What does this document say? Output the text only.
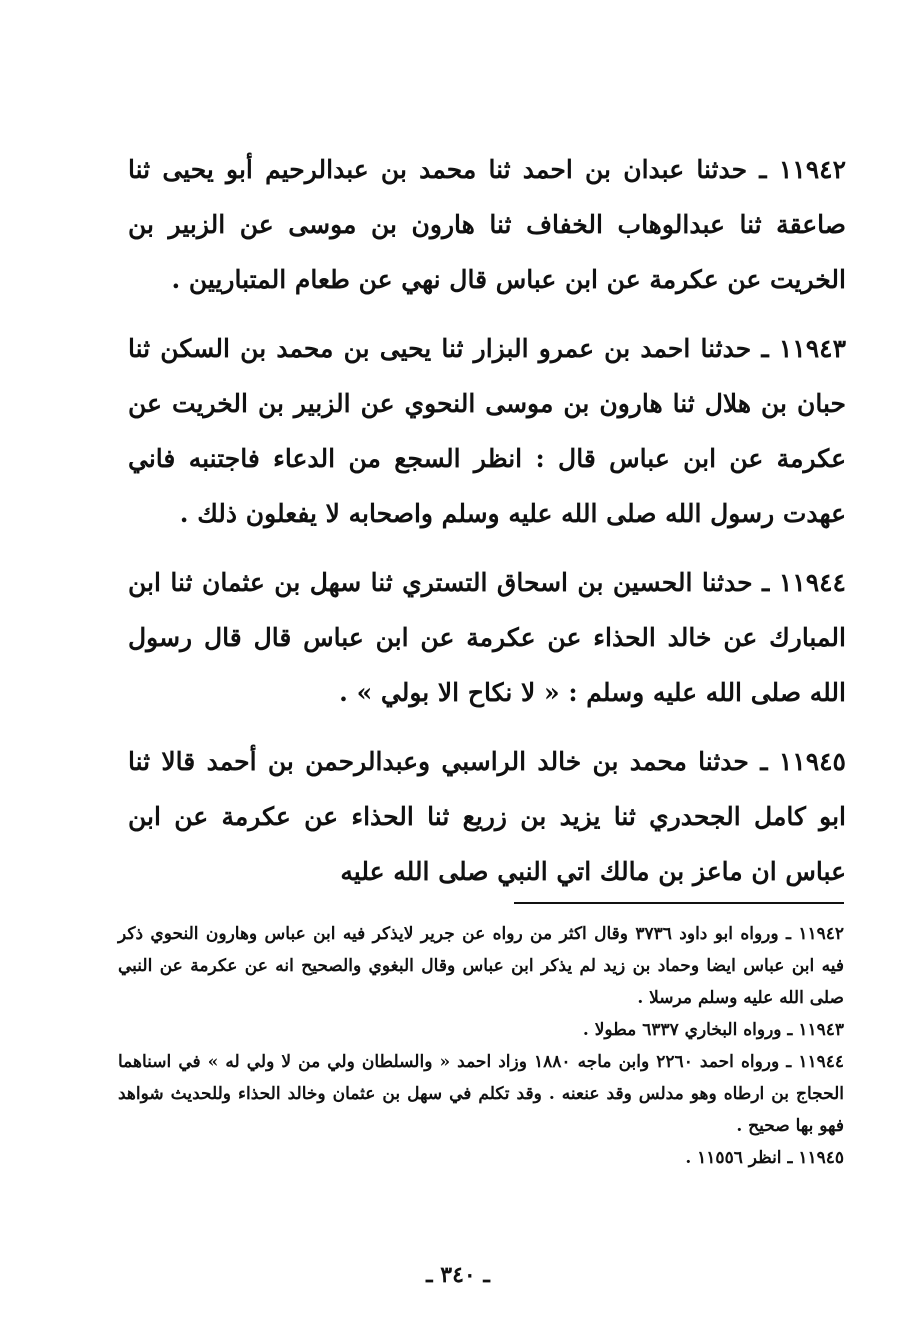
١١٩٤٢ ـ حدثنا عبدان بن احمد ثنا محمد بن عبدالرحيم أبو يحيى ثنا صاعقة ثنا عبدالوهاب الخفاف ثنا هارون بن موسى عن الزبير بن الخريت عن عكرمة عن ابن عباس قال نهي عن طعام المتباريين .

١١٩٤٣ ـ حدثنا احمد بن عمرو البزار ثنا يحيى بن محمد بن السكن ثنا حبان بن هلال ثنا هارون بن موسى النحوي عن الزبير بن الخريت عن عكرمة عن ابن عباس قال : انظر السجع من الدعاء فاجتنبه فاني عهدت رسول الله صلى الله عليه وسلم واصحابه لا يفعلون ذلك .

١١٩٤٤ ـ حدثنا الحسين بن اسحاق التستري ثنا سهل بن عثمان ثنا ابن المبارك عن خالد الحذاء عن عكرمة عن ابن عباس قال قال رسول الله صلى الله عليه وسلم : « لا نكاح الا بولي » .

١١٩٤٥ ـ حدثنا محمد بن خالد الراسبي وعبدالرحمن بن أحمد قالا ثنا ابو كامل الجحدري ثنا يزيد بن زريع ثنا الحذاء عن عكرمة عن ابن عباس ان ماعز بن مالك اتي النبي صلى الله عليه

١١٩٤٢ ـ ورواه ابو داود ٣٧٣٦ وقال اكثر من رواه عن جرير لايذكر فيه ابن عباس وهارون النحوي ذكر فيه ابن عباس ايضا وحماد بن زيد لم يذكر ابن عباس وقال البغوي والصحيح انه عن عكرمة عن النبي صلى الله عليه وسلم مرسلا .

١١٩٤٣ ـ ورواه البخاري ٦٣٣٧ مطولا .

١١٩٤٤ ـ ورواه احمد ٢٢٦٠ وابن ماجه ١٨٨٠ وزاد احمد « والسلطان ولي من لا ولي له » في اسناهما الحجاج بن ارطاه وهو مدلس وقد عنعنه . وقد تكلم في سهل بن عثمان وخالد الحذاء وللحديث شواهد فهو بها صحيح .

١١٩٤٥ ـ انظر ١١٥٥٦ .

ـ ٣٤٠ ـ
